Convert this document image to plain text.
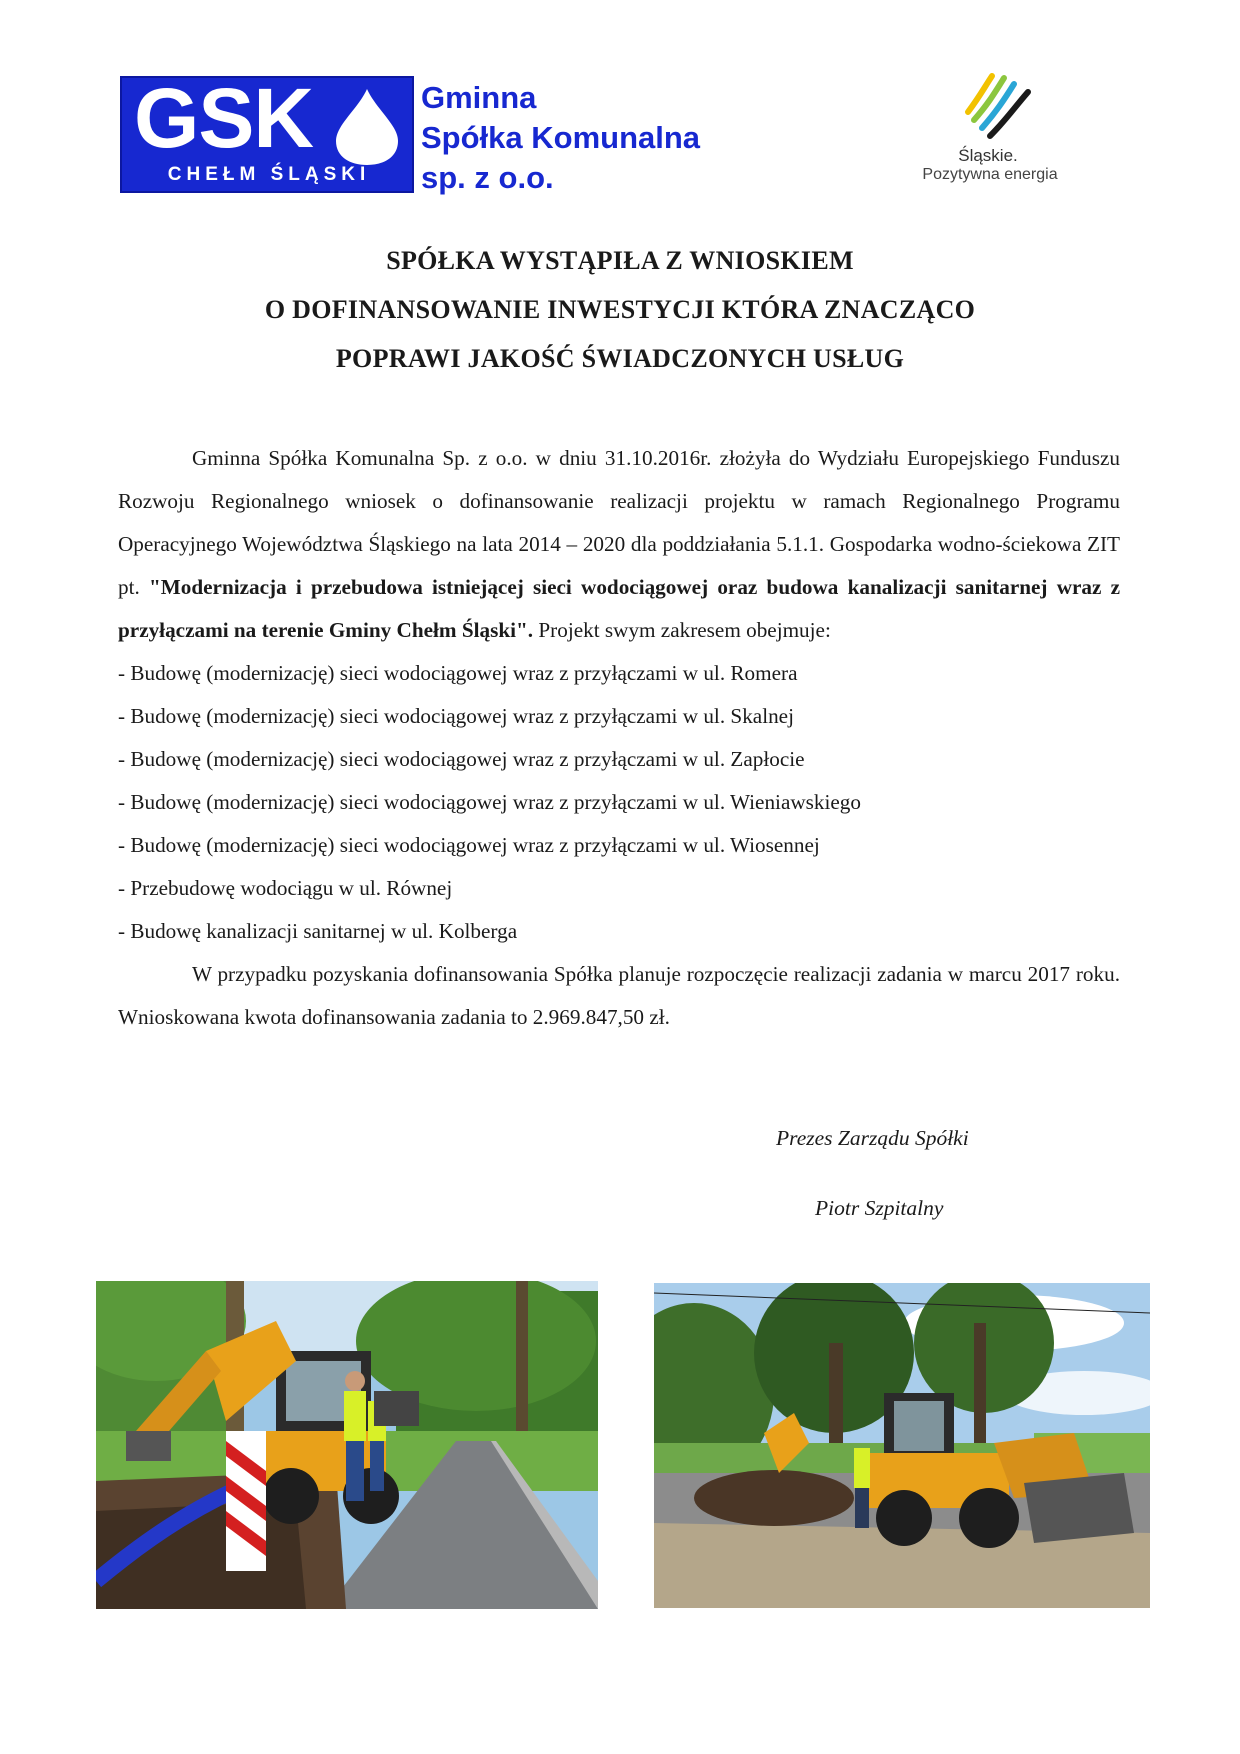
GSK
CHEŁM ŚLĄSKI
Gminna
Spółka Komunalna
sp. z o.o.
Śląskie.
Pozytywna energia
SPÓŁKA WYSTĄPIŁA Z WNIOSKIEM
O DOFINANSOWANIE INWESTYCJI KTÓRA ZNACZĄCO
POPRAWI JAKOŚĆ ŚWIADCZONYCH USŁUG

Gminna Spółka Komunalna Sp. z o.o. w dniu 31.10.2016r. złożyła do Wydziału Europejskiego Funduszu Rozwoju Regionalnego wniosek o dofinansowanie realizacji projektu w ramach Regionalnego Programu Operacyjnego Województwa Śląskiego na lata 2014 – 2020 dla poddziałania 5.1.1. Gospodarka wodno-ściekowa ZIT pt. "Modernizacja i przebudowa istniejącej sieci wodociągowej oraz budowa kanalizacji sanitarnej wraz z przyłączami na terenie Gminy Chełm Śląski". Projekt swym zakresem obejmuje:

- Budowę (modernizację) sieci wodociągowej wraz z przyłączami w ul. Romera
- Budowę (modernizację) sieci wodociągowej wraz z przyłączami w ul. Skalnej
- Budowę (modernizację) sieci wodociągowej wraz z przyłączami w ul. Zapłocie
- Budowę (modernizację) sieci wodociągowej wraz z przyłączami w ul. Wieniawskiego
- Budowę (modernizację) sieci wodociągowej wraz z przyłączami w ul. Wiosennej
- Przebudowę wodociągu w ul. Równej
- Budowę kanalizacji sanitarnej w ul. Kolberga

W przypadku pozyskania dofinansowania Spółka planuje rozpoczęcie realizacji zadania w marcu 2017 roku. Wnioskowana kwota dofinansowania zadania to 2.969.847,50 zł.

Prezes Zarządu Spółki
Piotr Szpitalny
